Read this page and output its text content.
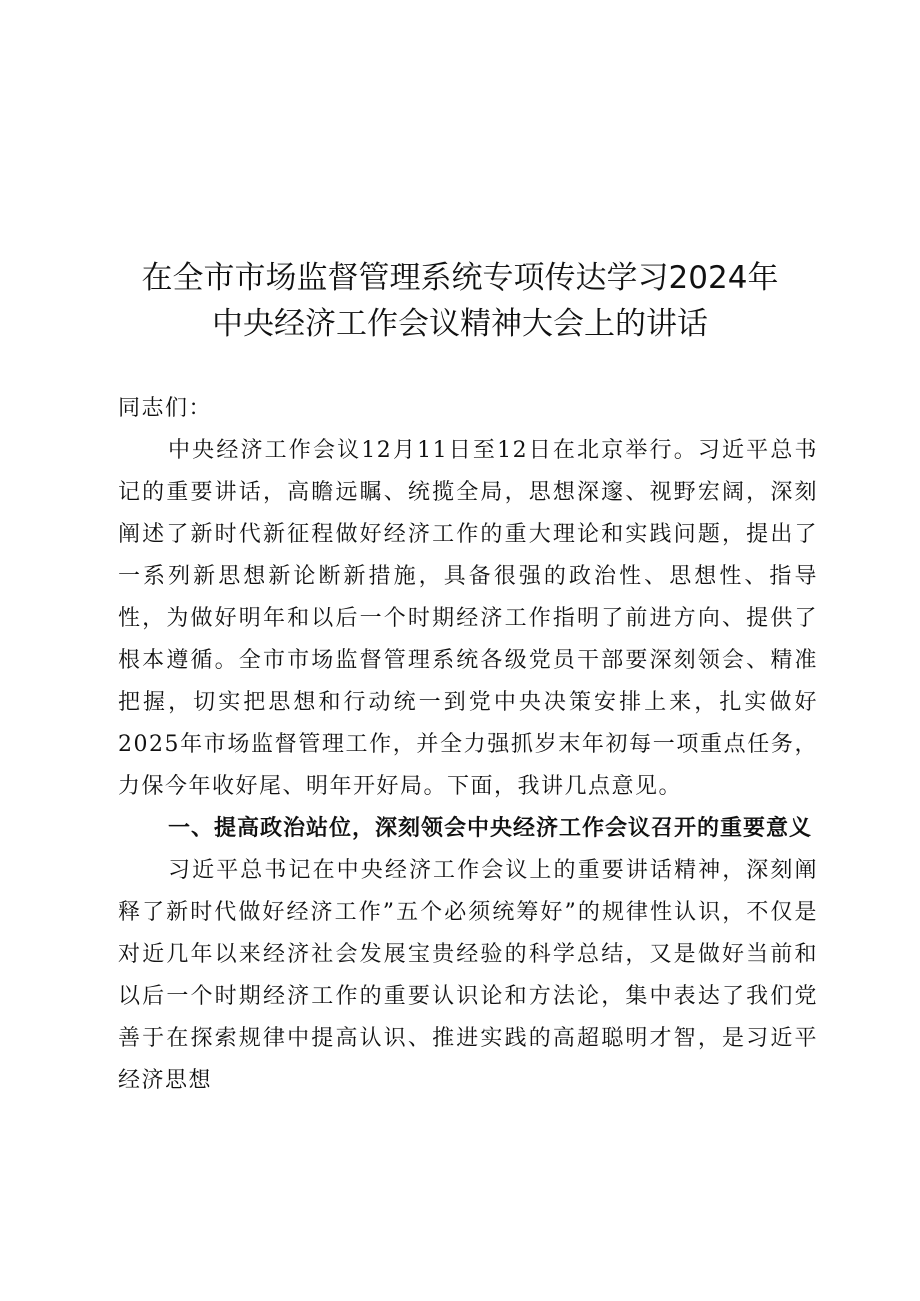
在全市市场监督管理系统专项传达学习2024年
中央经济工作会议精神大会上的讲话

同志们：

中央经济工作会议12月11日至12日在北京举行。习近平总书记的重要讲话，高瞻远瞩、统揽全局，思想深邃、视野宏阔，深刻阐述了新时代新征程做好经济工作的重大理论和实践问题，提出了一系列新思想新论断新措施，具备很强的政治性、思想性、指导性，为做好明年和以后一个时期经济工作指明了前进方向、提供了根本遵循。全市市场监督管理系统各级党员干部要深刻领会、精准把握，切实把思想和行动统一到党中央决策安排上来，扎实做好2025年市场监督管理工作，并全力强抓岁末年初每一项重点任务，力保今年收好尾、明年开好局。下面，我讲几点意见。

一、提高政治站位，深刻领会中央经济工作会议召开的重要意义

习近平总书记在中央经济工作会议上的重要讲话精神，深刻阐释了新时代做好经济工作”五个必须统筹好”的规律性认识，不仅是对近几年以来经济社会发展宝贵经验的科学总结，又是做好当前和以后一个时期经济工作的重要认识论和方法论，集中表达了我们党善于在探索规律中提高认识、推进实践的高超聪明才智，是习近平经济思想
